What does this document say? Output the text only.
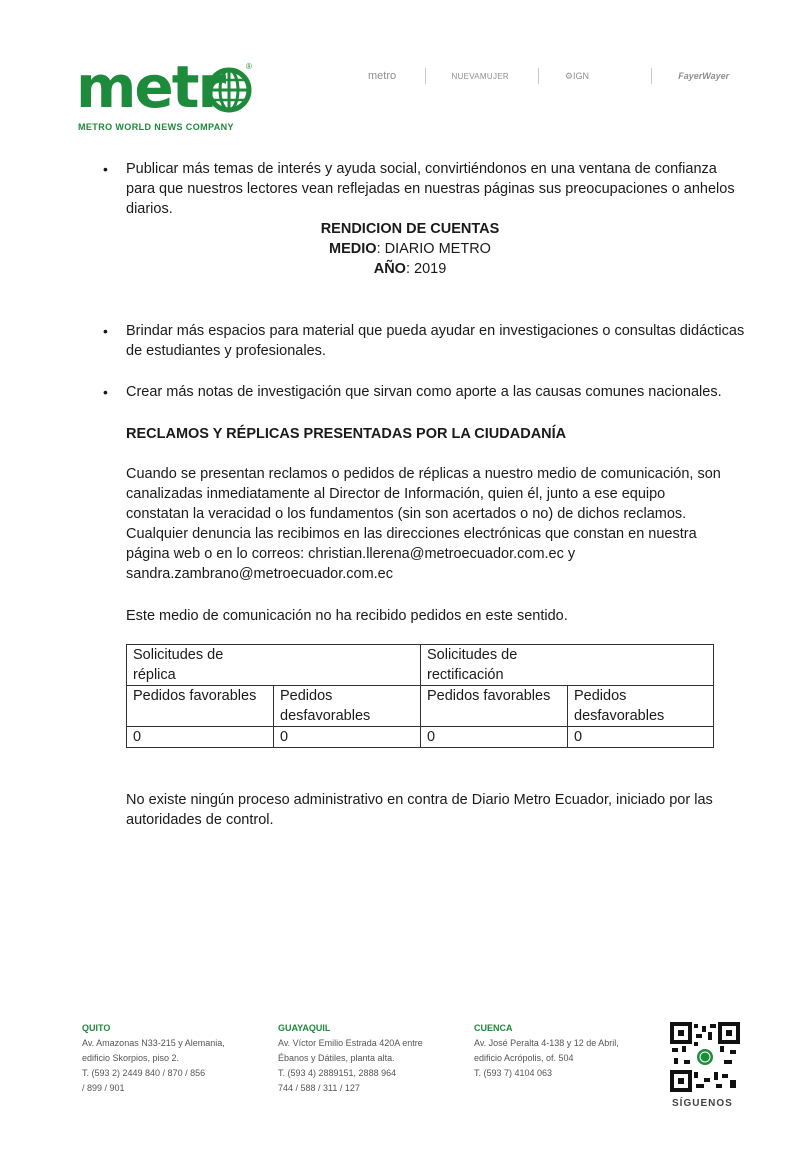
metr	®
METRO WORLD NEWS COMPANY
metro	NUEVAMUJER	⚙IGN	FayerWayer
• Publicar más temas de interés y ayuda social, convirtiéndonos en una ventana de confianza para que nuestros lectores vean reflejadas en nuestras páginas sus preocupaciones o anhelos diarios.
RENDICION DE CUENTAS
MEDIO: DIARIO METRO
AÑO: 2019
• Brindar más espacios para material que pueda ayudar en investigaciones o consultas didácticas de estudiantes y profesionales.
• Crear más notas de investigación que sirvan como aporte a las causas comunes nacionales.
RECLAMOS Y RÉPLICAS PRESENTADAS POR LA CIUDADANÍA
Cuando se presentan reclamos o pedidos de réplicas a nuestro medio de comunicación, son canalizadas inmediatamente al Director de Información, quien él, junto a ese equipo constatan la veracidad o los fundamentos (sin son acertados o no) de dichos reclamos. Cualquier denuncia las recibimos en las direcciones electrónicas que constan en nuestra página web o en lo correos: christian.llerena@metroecuador.com.ec y sandra.zambrano@metroecuador.com.ec
Este medio de comunicación no ha recibido pedidos en este sentido.
Solicitudes de réplica		Solicitudes de rectificación	

Pedidos favorables	Pedidos desfavorables	Pedidos favorables	Pedidos desfavorables
0	0	0	0
No existe ningún proceso administrativo en contra de Diario Metro Ecuador, iniciado por las autoridades de control.
QUITO
Av. Amazonas N33-215 y Alemania,
edificio Skorpios, piso 2.
T. (593 2) 2449 840 / 870 / 856
/ 899 / 901
GUAYAQUIL
Av. Víctor Emilio Estrada 420A entre
Ébanos y Dátiles, planta alta.
T. (593 4) 2889151, 2888 964
744 / 588 / 311 / 127
CUENCA
Av. José Peralta 4-138 y 12 de Abril,
edificio Acrópolis, of. 504
T. (593 7) 4104 063
SÍGUENOS
